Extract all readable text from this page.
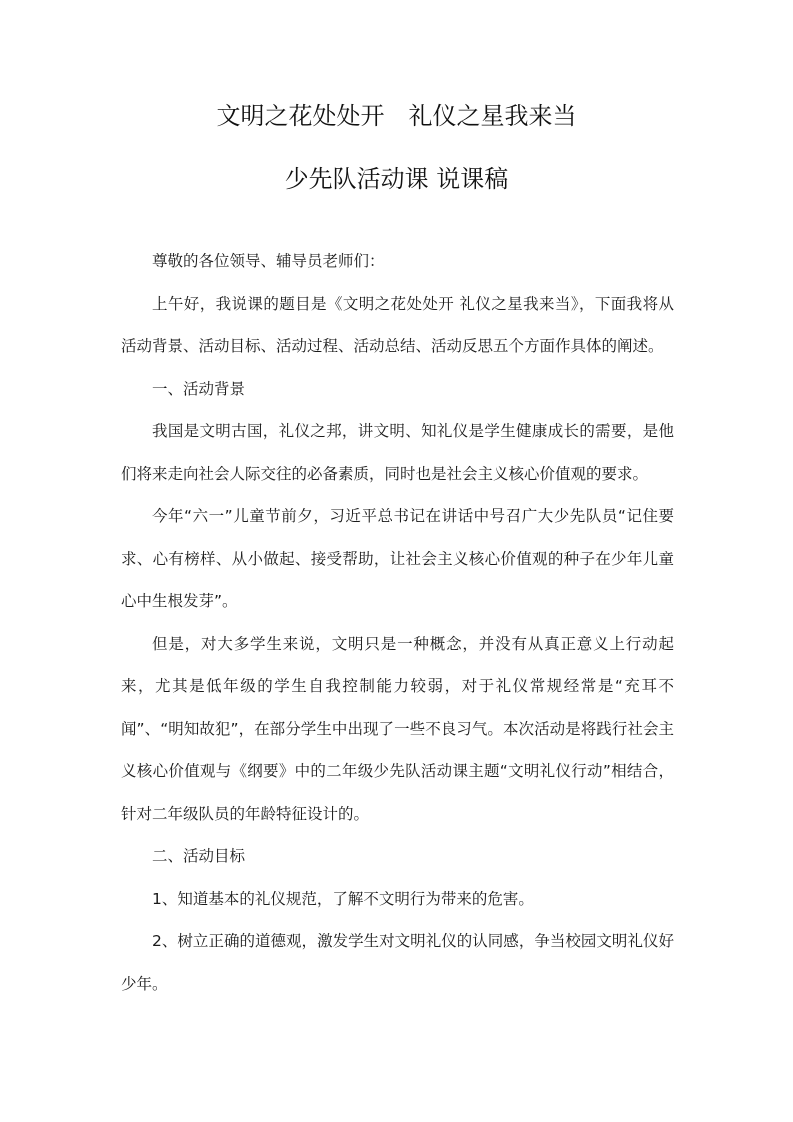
文明之花处处开　礼仪之星我来当
少先队活动课 说课稿

尊敬的各位领导、辅导员老师们：

上午好，我说课的题目是《文明之花处处开 礼仪之星我来当》，下面我将从活动背景、活动目标、活动过程、活动总结、活动反思五个方面作具体的阐述。

一、活动背景

我国是文明古国，礼仪之邦，讲文明、知礼仪是学生健康成长的需要，是他们将来走向社会人际交往的必备素质，同时也是社会主义核心价值观的要求。

今年“六一”儿童节前夕，习近平总书记在讲话中号召广大少先队员“记住要求、心有榜样、从小做起、接受帮助，让社会主义核心价值观的种子在少年儿童心中生根发芽”。

但是，对大多学生来说，文明只是一种概念，并没有从真正意义上行动起来，尤其是低年级的学生自我控制能力较弱，对于礼仪常规经常是“充耳不闻”、“明知故犯”，在部分学生中出现了一些不良习气。本次活动是将践行社会主义核心价值观与《纲要》中的二年级少先队活动课主题“文明礼仪行动”相结合，针对二年级队员的年龄特征设计的。

二、活动目标

1、知道基本的礼仪规范，了解不文明行为带来的危害。

2、树立正确的道德观，激发学生对文明礼仪的认同感，争当校园文明礼仪好少年。
